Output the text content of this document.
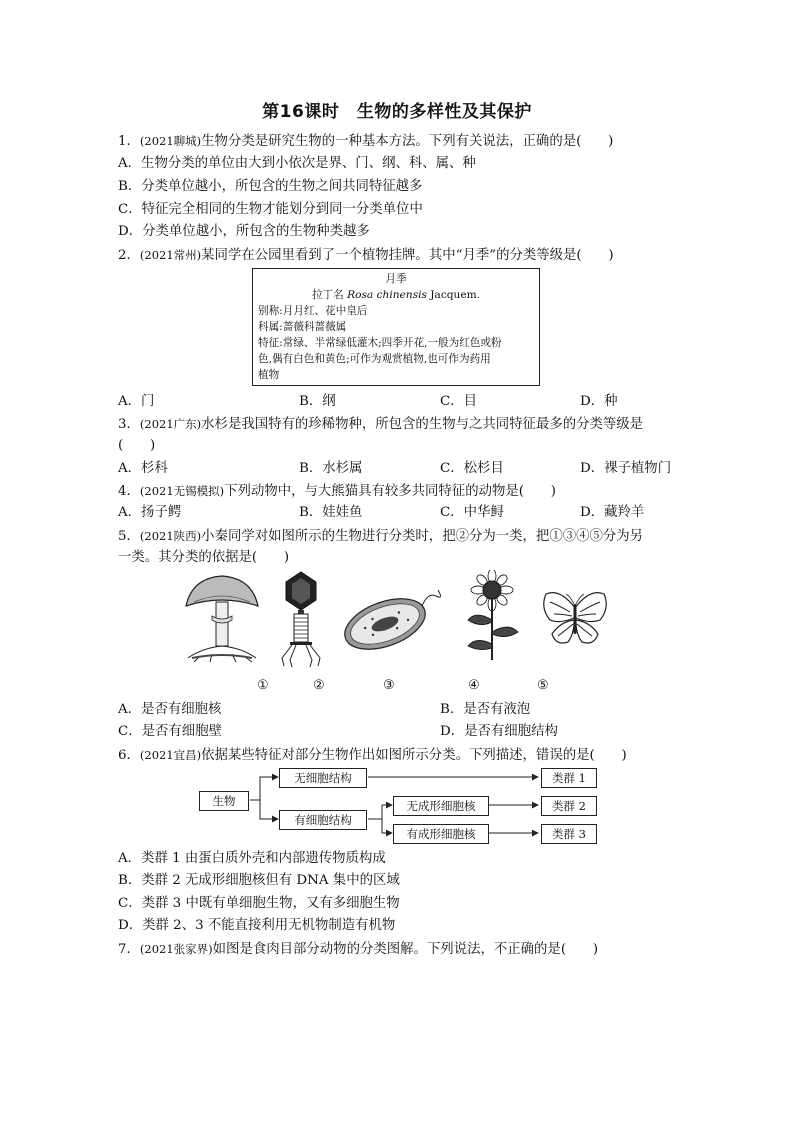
第16课时　生物的多样性及其保护
1．(2021聊城)生物分类是研究生物的一种基本方法。下列有关说法，正确的是(　　)
A．生物分类的单位由大到小依次是界、门、纲、科、属、种
B．分类单位越小，所包含的生物之间共同特征越多
C．特征完全相同的生物才能划分到同一分类单位中
D．分类单位越小，所包含的生物种类越多
2．(2021常州)某同学在公园里看到了一个植物挂牌。其中“月季”的分类等级是(　　)
月季
拉丁名 Rosa chinensis Jacquem.
别称:月月红、花中皇后
科属:蔷薇科蔷薇属
特征:常绿、半常绿低灌木;四季开花,一般为红色或粉
色,偶有白色和黄色;可作为观赏植物,也可作为药用
植物
A．门	B．纲	C．目	D．种
3．(2021广东)水杉是我国特有的珍稀物种，所包含的生物与之共同特征最多的分类等级是
(　　)
A．杉科	B．水杉属	C．松杉目	D．裸子植物门
4．(2021无锡模拟)下列动物中，与大熊猫具有较多共同特征的动物是(　　)
A．扬子鳄	B．娃娃鱼	C．中华鲟	D．藏羚羊
5．(2021陕西)小秦同学对如图所示的生物进行分类时，把②分为一类，把①③④⑤分为另
一类。其分类的依据是(　　)
①	②	③	④	⑤
A．是否有细胞核	B．是否有液泡
C．是否有细胞壁	D．是否有细胞结构
6．(2021宜昌)依据某些特征对部分生物作出如图所示分类。下列描述，错误的是(　　)
生物
无细胞结构
有细胞结构
无成形细胞核
有成形细胞核
类群 1
类群 2
类群 3
A．类群 1 由蛋白质外壳和内部遗传物质构成
B．类群 2 无成形细胞核但有 DNA 集中的区域
C．类群 3 中既有单细胞生物，又有多细胞生物
D．类群 2、3 不能直接利用无机物制造有机物
7．(2021张家界)如图是食肉目部分动物的分类图解。下列说法，不正确的是(　　)
